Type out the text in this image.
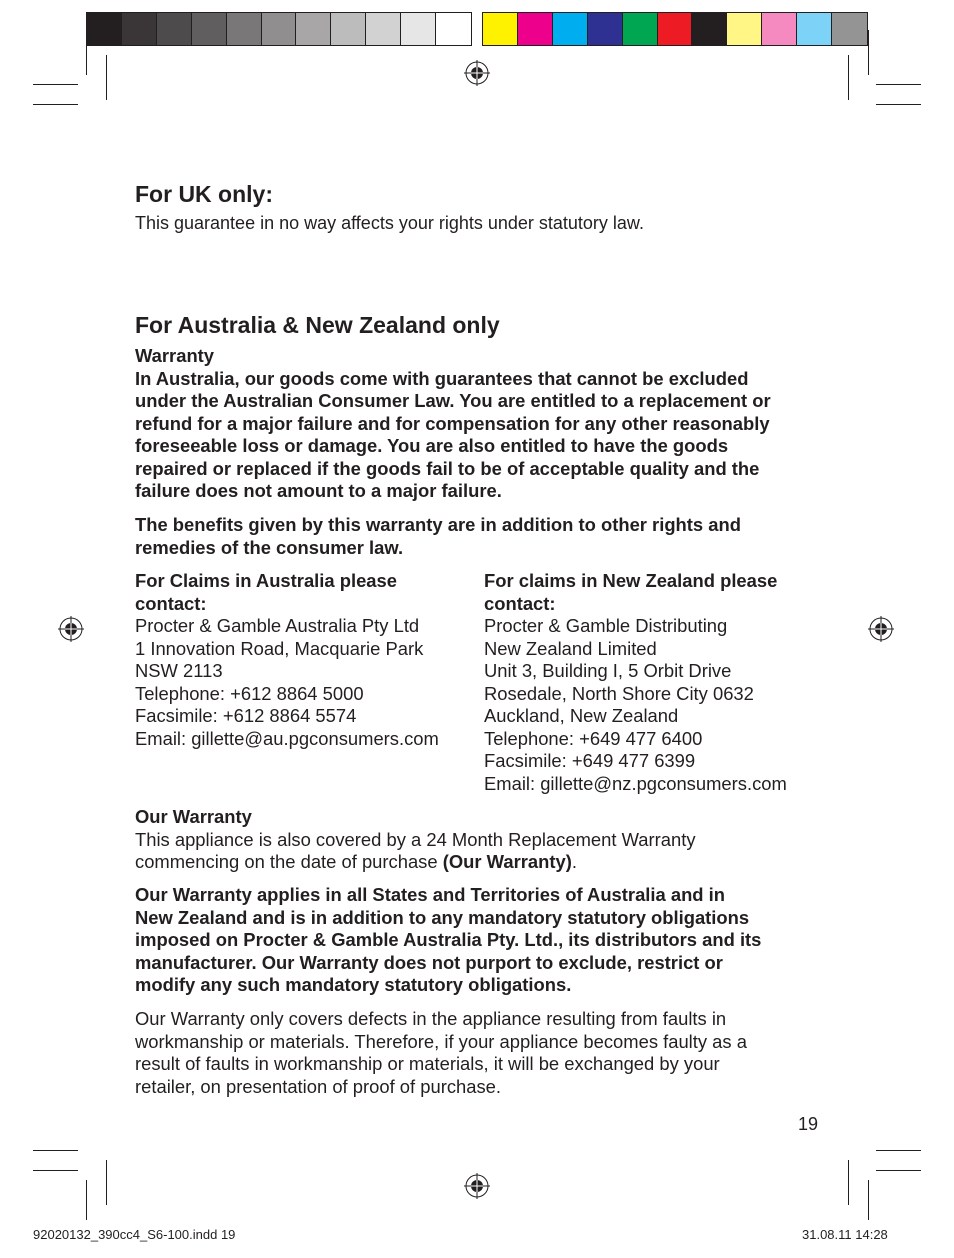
For UK only:

This guarantee in no way affects your rights under statutory law.

For Australia & New Zealand only
Warranty
In Australia, our goods come with guarantees that cannot be excluded
under the Australian Consumer Law. You are entitled to a replacement or
refund for a major failure and for compensation for any other reasonably
foreseeable loss or damage. You are also entitled to have the goods
repaired or replaced if the goods fail to be of acceptable quality and the
failure does not amount to a major failure.
The benefits given by this warranty are in addition to other rights and
remedies of the consumer law.

For Claims in Australia please

contact:

Procter & Gamble Australia Pty Ltd

1 Innovation Road, Macquarie Park

NSW 2113

Telephone: +612 8864 5000

Facsimile: +612 8864 5574

Email: gillette@au.pgconsumers.com

For claims in New Zealand please

contact:

Procter & Gamble Distributing

New Zealand Limited

Unit 3, Building I, 5 Orbit Drive

Rosedale, North Shore City 0632

Auckland, New Zealand

Telephone: +649 477 6400

Facsimile: +649 477 6399

Email: gillette@nz.pgconsumers.com

Our Warranty
This appliance is also covered by a 24 Month Replacement Warranty
commencing on the date of purchase (Our Warranty).
Our Warranty applies in all States and Territories of Australia and in
New Zealand and is in addition to any mandatory statutory obligations
imposed on Procter & Gamble Australia Pty. Ltd., its distributors and its
manufacturer. Our Warranty does not purport to exclude, restrict or
modify any such mandatory statutory obligations.
Our Warranty only covers defects in the appliance resulting from faults in
workmanship or materials. Therefore, if your appliance becomes faulty as a
result of faults in workmanship or materials, it will be exchanged by your
retailer, on presentation of proof of purchase.
19
92020132_390cc4_S6-100.indd 19	31.08.11 14:28
